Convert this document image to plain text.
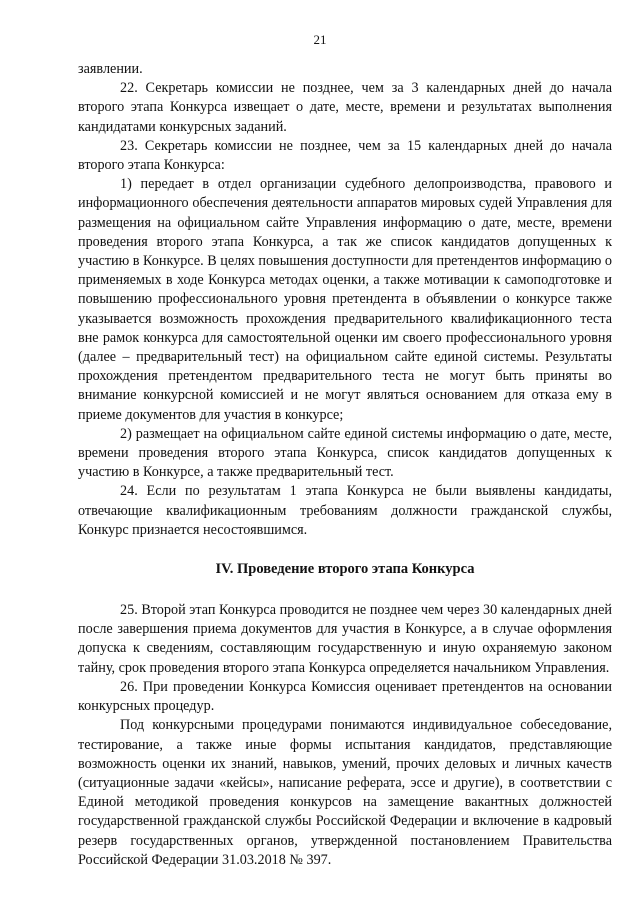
21

заявлении.

22. Секретарь комиссии не позднее, чем за 3 календарных дней до начала второго этапа Конкурса извещает о дате, месте, времени и результатах выполнения кандидатами конкурсных заданий.

23. Секретарь комиссии не позднее, чем за 15 календарных дней до начала второго этапа Конкурса:

1) передает в отдел организации судебного делопроизводства, правового и информационного обеспечения деятельности аппаратов мировых судей Управления для размещения на официальном сайте Управления информацию о дате, месте, времени проведения второго этапа Конкурса, а так же список кандидатов допущенных к участию в Конкурсе. В целях повышения доступности для претендентов информацию о применяемых в ходе Конкурса методах оценки, а также мотивации к самоподготовке и повышению профессионального уровня претендента в объявлении о конкурсе также указывается возможность прохождения предварительного квалификационного теста вне рамок конкурса для самостоятельной оценки им своего профессионального уровня (далее – предварительный тест) на официальном сайте единой системы. Результаты прохождения претендентом предварительного теста не могут быть приняты во внимание конкурсной комиссией и не могут являться основанием для отказа ему в приеме документов для участия в конкурсе;

2) размещает на официальном сайте единой системы информацию о дате, месте, времени проведения второго этапа Конкурса, список кандидатов допущенных к участию в Конкурсе, а также предварительный тест.

24. Если по результатам 1 этапа Конкурса не были выявлены кандидаты, отвечающие квалификационным требованиям должности гражданской службы, Конкурс признается несостоявшимся.

IV. Проведение второго этапа Конкурса

25. Второй этап Конкурса проводится не позднее чем через 30 календарных дней после завершения приема документов для участия в Конкурсе, а в случае оформления допуска к сведениям, составляющим государственную и иную охраняемую законом тайну, срок проведения второго этапа Конкурса определяется начальником Управления.

26. При проведении Конкурса Комиссия оценивает претендентов на основании конкурсных процедур.

Под конкурсными процедурами понимаются индивидуальное собеседование, тестирование, а также иные формы испытания кандидатов, представляющие возможность оценки их знаний, навыков, умений, прочих деловых и личных качеств (ситуационные задачи «кейсы», написание реферата, эссе и другие), в соответствии с Единой методикой проведения конкурсов на замещение вакантных должностей государственной гражданской службы Российской Федерации и включение в кадровый резерв государственных органов, утвержденной постановлением Правительства Российской Федерации 31.03.2018 № 397.
